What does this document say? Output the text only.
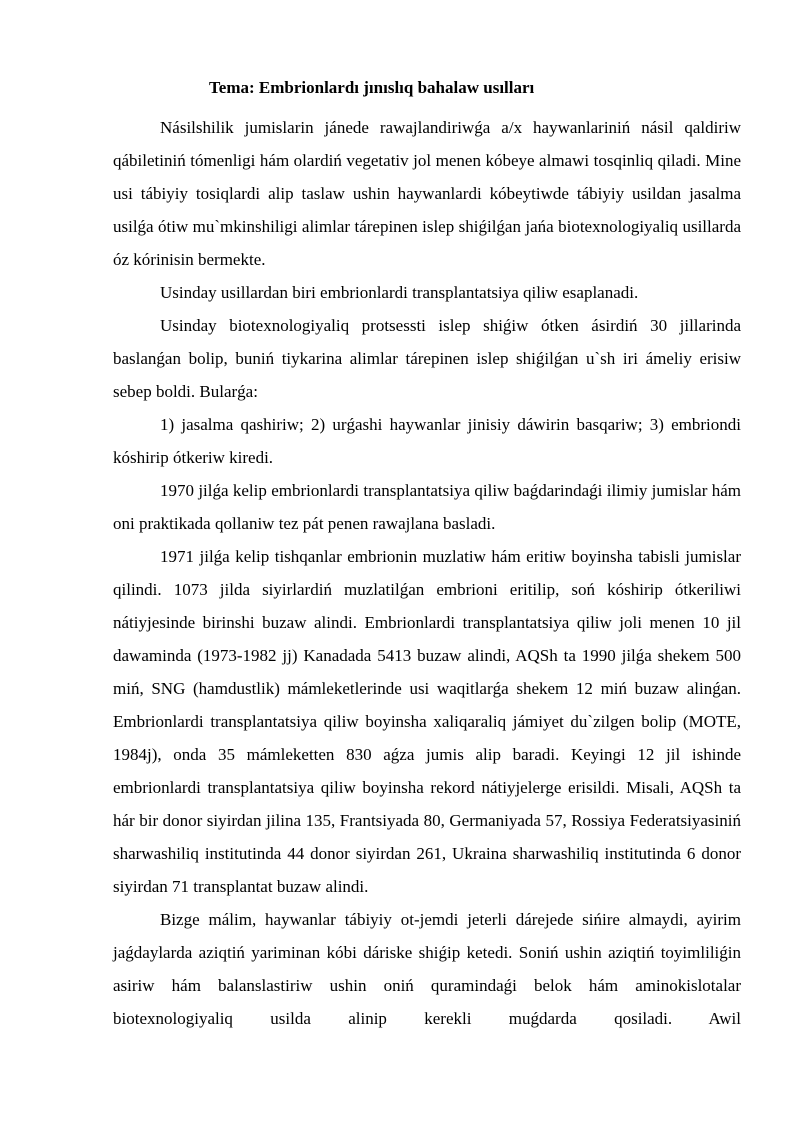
Tema: Embrionlardı jınıslıq bahalaw usılları

Násilshilik jumislarin jánede rawajlandiriwǵa a/x haywanlariniń násil qaldiriw qábiletiniń tómenligi hám olardiń vegetativ jol menen kóbeye almawi tosqinliq qiladi. Mine usi tábiyiy tosiqlardi alip taslaw ushin haywanlardi kóbeytiwde tábiyiy usildan jasalma usilǵa ótiw mu`mkinshiligi alimlar tárepinen islep shiǵilǵan jańa biotexnologiyaliq usillarda óz kórinisin bermekte.

Usinday usillardan biri embrionlardi transplantatsiya qiliw esaplanadi.

Usinday biotexnologiyaliq protsessti islep shiǵiw ótken ásirdiń 30 jillarinda baslanǵan bolip, buniń tiykarina alimlar tárepinen islep shiǵilǵan u`sh iri ámeliy erisiw sebep boldi. Bularǵa:

1) jasalma qashiriw; 2) urǵashi haywanlar jinisiy dáwirin basqariw; 3) embriondi kóshirip ótkeriw kiredi.

1970 jilǵa kelip embrionlardi transplantatsiya qiliw baǵdarindaǵi ilimiy jumislar hám oni praktikada qollaniw tez pát penen rawajlana basladi.

1971 jilǵa kelip tishqanlar embrionin muzlatiw hám eritiw boyinsha tabisli jumislar qilindi. 1073 jilda siyirlardiń muzlatilǵan embrioni eritilip, soń kóshirip ótkeriliwi nátiyjesinde birinshi buzaw alindi. Embrionlardi transplantatsiya qiliw joli menen 10 jil dawaminda (1973-1982 jj) Kanadada 5413 buzaw alindi, AQSh ta 1990 jilǵa shekem 500 miń, SNG (hamdustlik) mámleketlerinde usi waqitlarǵa shekem 12 miń buzaw alinǵan. Embrionlardi transplantatsiya qiliw boyinsha xaliqaraliq jámiyet du`zilgen bolip (MOTE, 1984j), onda 35 mámleketten 830 aǵza jumis alip baradi. Keyingi 12 jil ishinde embrionlardi transplantatsiya qiliw boyinsha rekord nátiyjelerge erisildi. Misali, AQSh ta hár bir donor siyirdan jilina 135, Frantsiyada 80, Germaniyada 57, Rossiya Federatsiyasiniń sharwashiliq institutinda 44 donor siyirdan 261, Ukraina sharwashiliq institutinda 6 donor siyirdan 71 transplantat buzaw alindi.

Bizge málim, haywanlar tábiyiy ot-jemdi jeterli dárejede sińire almaydi, ayirim jaǵdaylarda aziqtiń yariminan kóbi dáriske shiǵip ketedi. Soniń ushin aziqtiń toyimliliǵin asiriw hám balanslastiriw ushin oniń quramindaǵi belok hám aminokislotalar biotexnologiyaliq usilda alinip kerekli muǵdarda qosiladi. Awil
